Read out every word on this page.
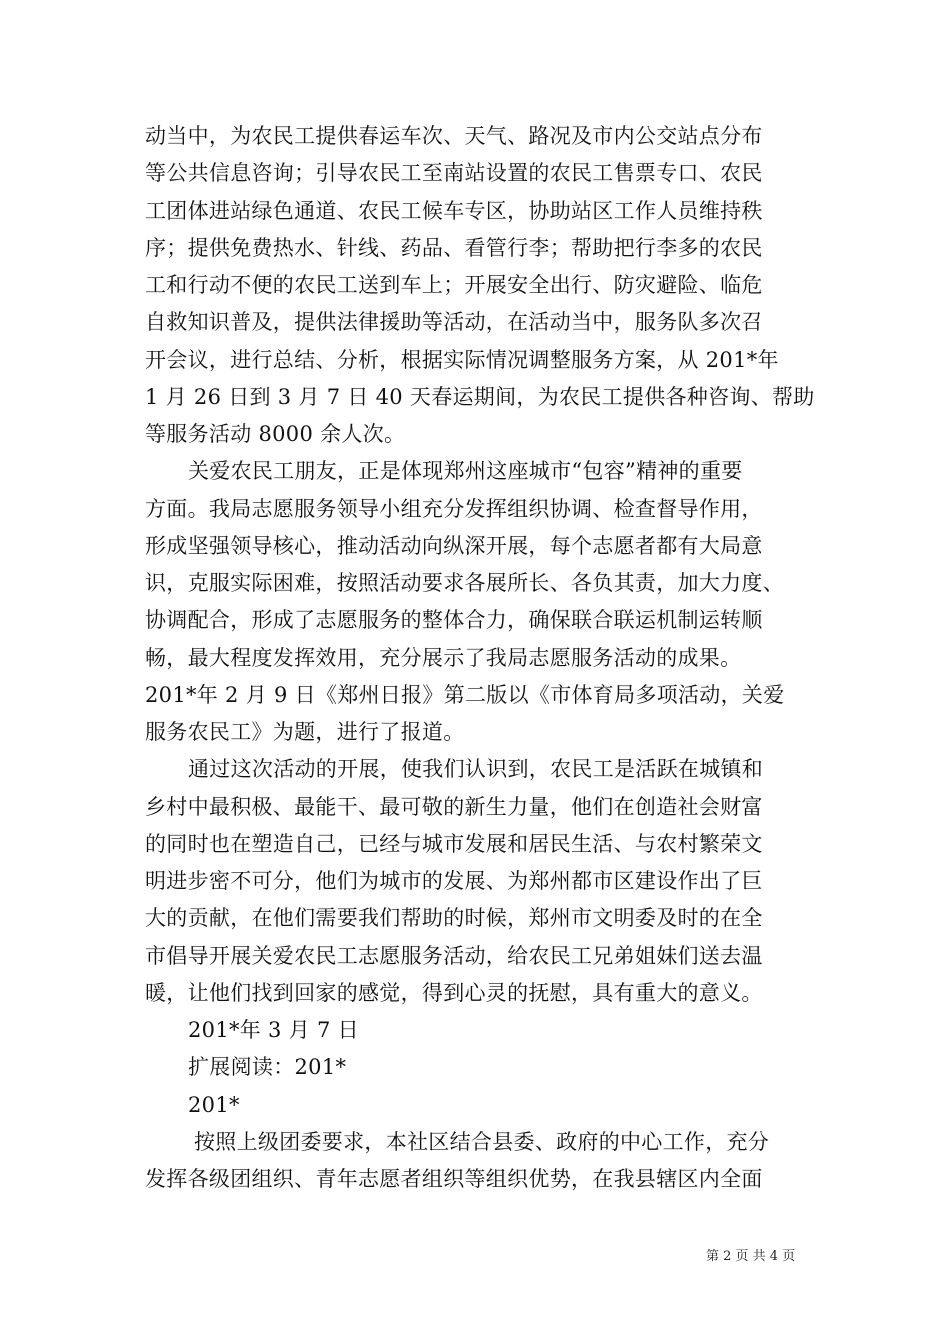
动当中，为农民工提供春运车次、天气、路况及市内公交站点分布
等公共信息咨询；引导农民工至南站设置的农民工售票专口、农民
工团体进站绿色通道、农民工候车专区，协助站区工作人员维持秩
序；提供免费热水、针线、药品、看管行李；帮助把行李多的农民
工和行动不便的农民工送到车上；开展安全出行、防灾避险、临危
自救知识普及，提供法律援助等活动，在活动当中，服务队多次召
开会议，进行总结、分析，根据实际情况调整服务方案，从 201*年
1 月 26 日到 3 月 7 日 40 天春运期间，为农民工提供各种咨询、帮助
等服务活动 8000 余人次。
关爱农民工朋友，正是体现郑州这座城市“包容”精神的重要
方面。我局志愿服务领导小组充分发挥组织协调、检查督导作用，
形成坚强领导核心，推动活动向纵深开展，每个志愿者都有大局意
识，克服实际困难，按照活动要求各展所长、各负其责，加大力度、
协调配合，形成了志愿服务的整体合力，确保联合联运机制运转顺
畅，最大程度发挥效用，充分展示了我局志愿服务活动的成果。
201*年 2 月 9 日《郑州日报》第二版以《市体育局多项活动，关爱
服务农民工》为题，进行了报道。
通过这次活动的开展，使我们认识到，农民工是活跃在城镇和
乡村中最积极、最能干、最可敬的新生力量，他们在创造社会财富
的同时也在塑造自己，已经与城市发展和居民生活、与农村繁荣文
明进步密不可分，他们为城市的发展、为郑州都市区建设作出了巨
大的贡献，在他们需要我们帮助的时候，郑州市文明委及时的在全
市倡导开展关爱农民工志愿服务活动，给农民工兄弟姐妹们送去温
暖，让他们找到回家的感觉，得到心灵的抚慰，具有重大的意义。
201*年 3 月 7 日
扩展阅读：201*
201*
按照上级团委要求，本社区结合县委、政府的中心工作，充分
发挥各级团组织、青年志愿者组织等组织优势，在我县辖区内全面
第 2 页 共 4 页
